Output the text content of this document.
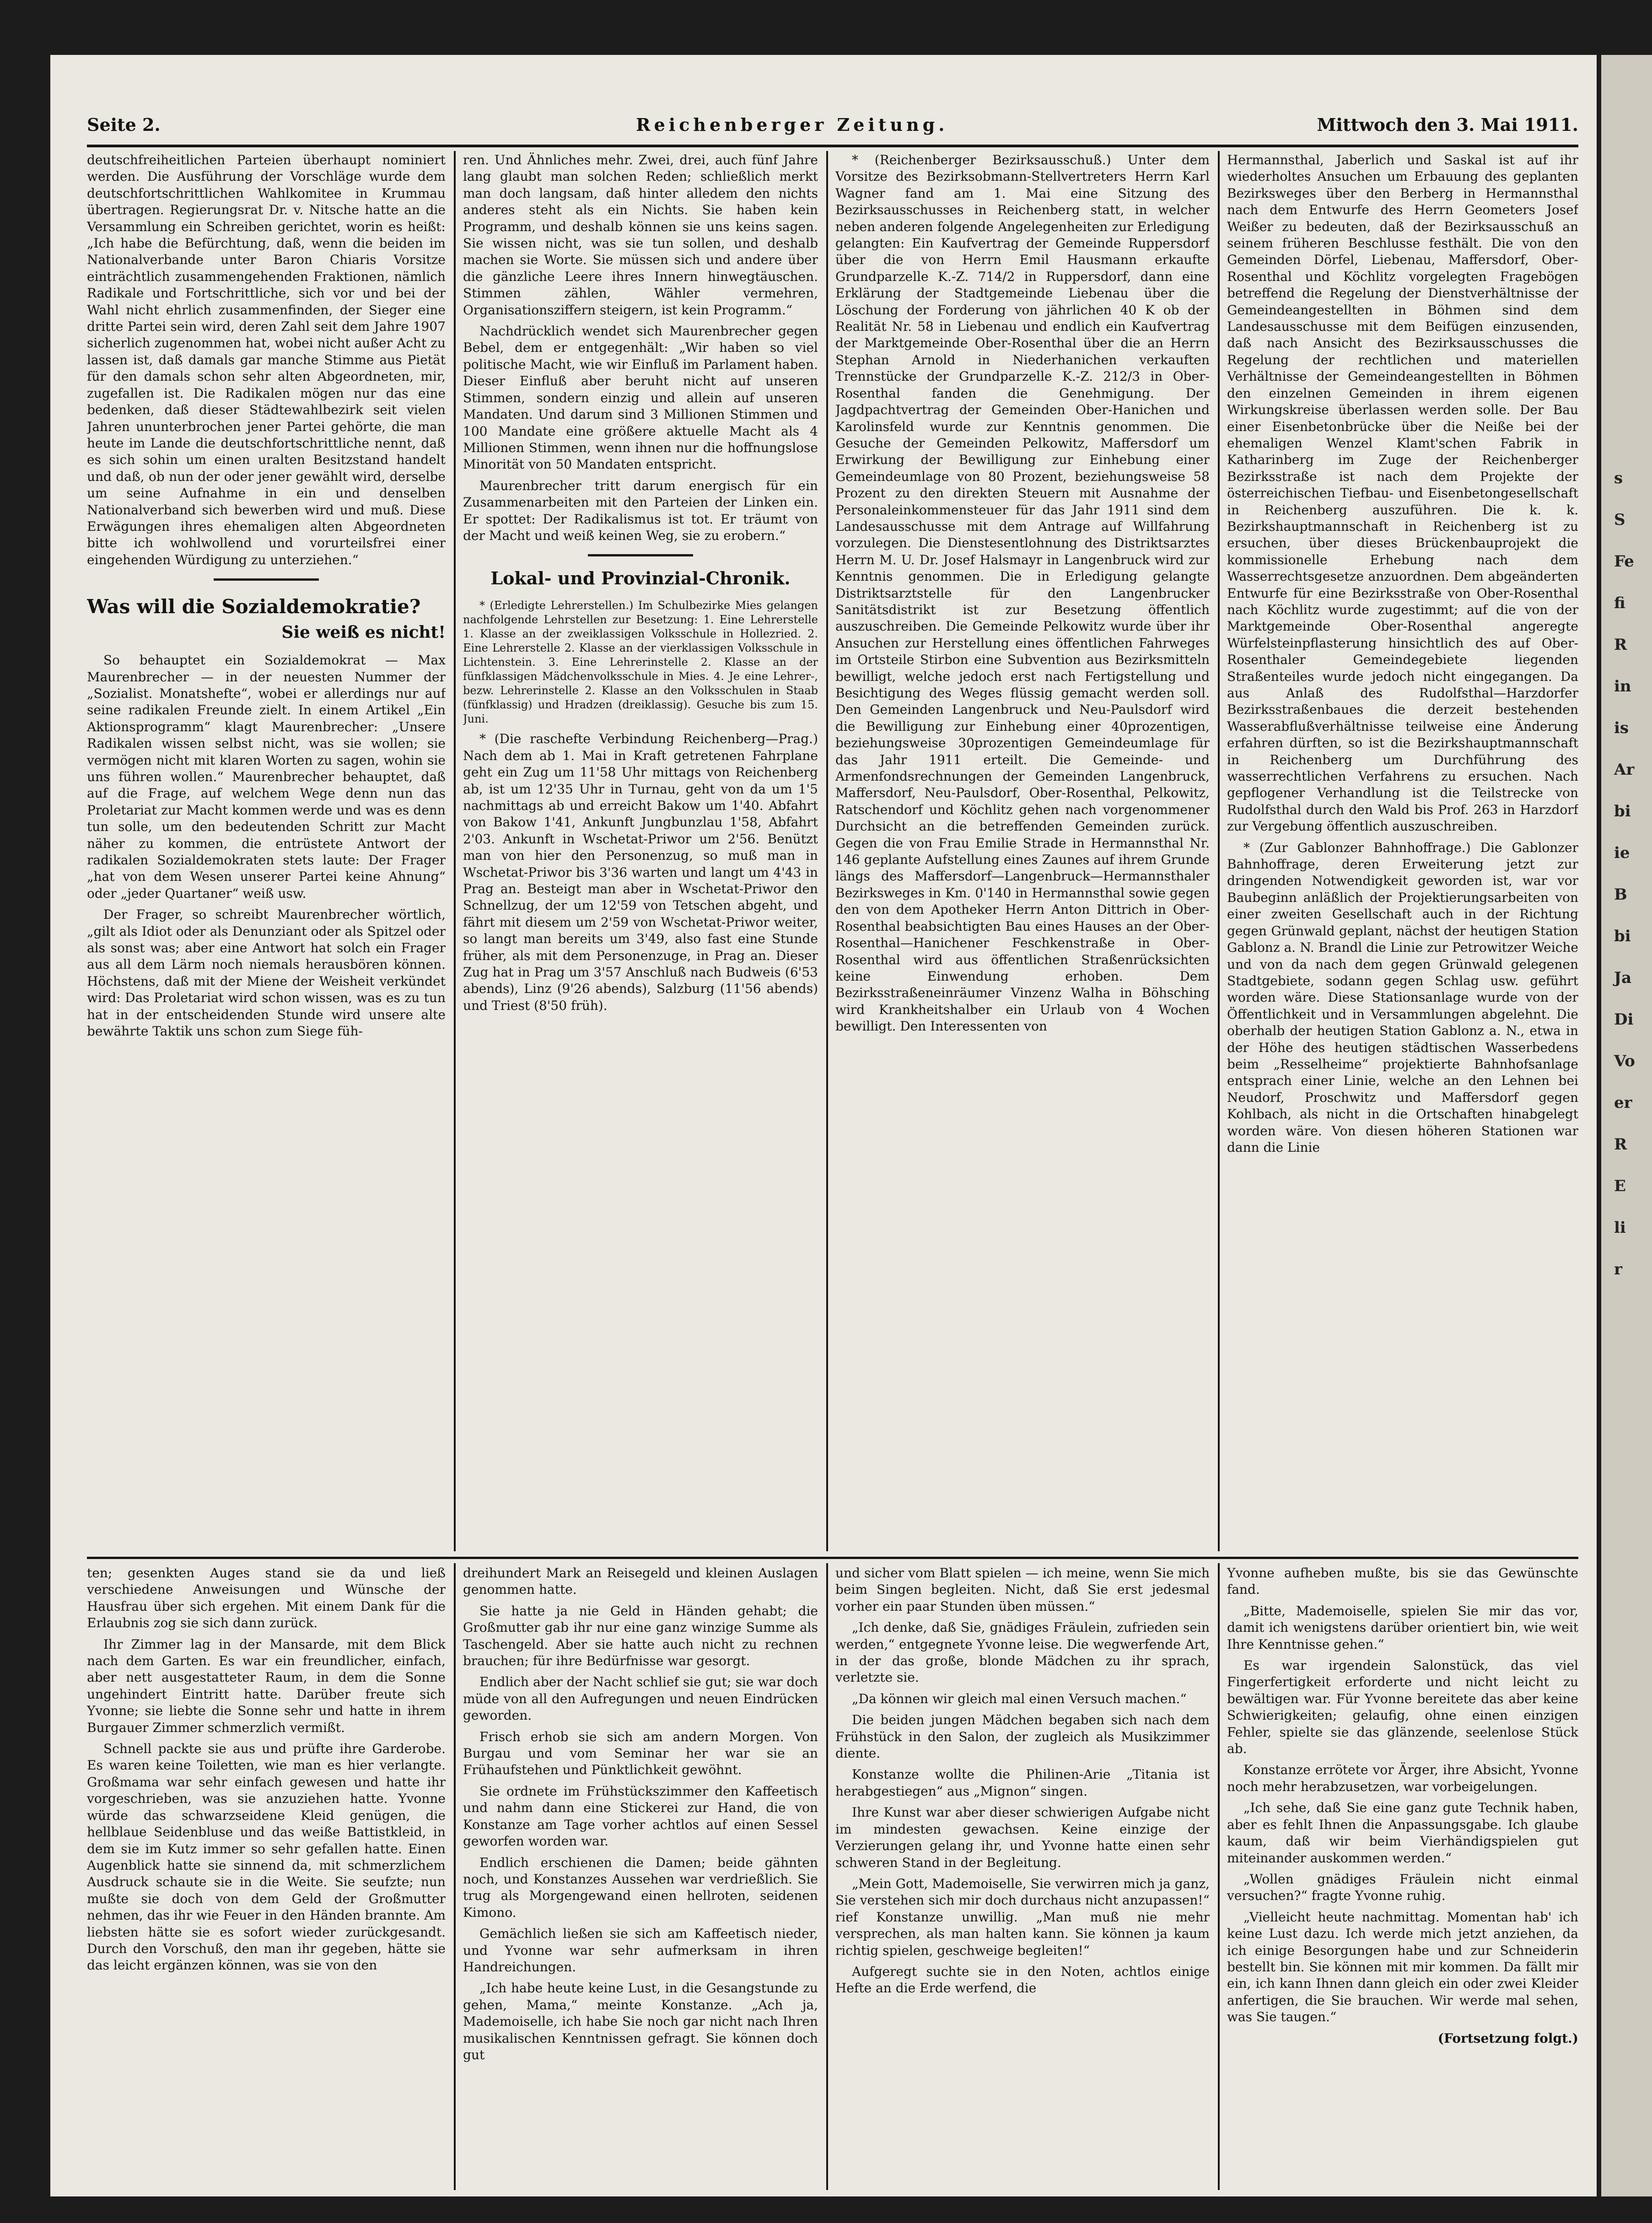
Seite 2.	Reichenberger Zeitung.	Mittwoch den 3. Mai 1911.

deutschfreiheitlichen Parteien überhaupt nominiert werden. Die Ausführung der Vorschläge wurde dem deutschfortschrittlichen Wahlkomitee in Krummau übertragen. Regierungsrat Dr. v. Nitsche hatte an die Versammlung ein Schreiben gerichtet, worin es heißt: „Ich habe die Befürchtung, daß, wenn die beiden im Nationalverbande unter Baron Chiaris Vorsitze einträchtlich zusammengehenden Fraktionen, nämlich Radikale und Fortschrittliche, sich vor und bei der Wahl nicht ehrlich zusammenfinden, der Sieger eine dritte Partei sein wird, deren Zahl seit dem Jahre 1907 sicherlich zugenommen hat, wobei nicht außer Acht zu lassen ist, daß damals gar manche Stimme aus Pietät für den damals schon sehr alten Abgeordneten, mir, zugefallen ist. Die Radikalen mögen nur das eine bedenken, daß dieser Städtewahlbezirk seit vielen Jahren ununterbrochen jener Partei gehörte, die man heute im Lande die deutschfortschrittliche nennt, daß es sich sohin um einen uralten Besitzstand handelt und daß, ob nun der oder jener gewählt wird, derselbe um seine Aufnahme in ein und denselben Nationalverband sich bewerben wird und muß. Diese Erwägungen ihres ehemaligen alten Abgeordneten bitte ich wohlwollend und vorurteilsfrei einer eingehenden Würdigung zu unterziehen.“

Was will die Sozialdemokratie?
Sie weiß es nicht!

So behauptet ein Sozialdemokrat — Max Maurenbrecher — in der neuesten Nummer der „Sozialist. Monatshefte“, wobei er allerdings nur auf seine radikalen Freunde zielt. In einem Artikel „Ein Aktionsprogramm“ klagt Maurenbrecher: „Unsere Radikalen wissen selbst nicht, was sie wollen; sie vermögen nicht mit klaren Worten zu sagen, wohin sie uns führen wollen.“ Maurenbrecher behauptet, daß auf die Frage, auf welchem Wege denn nun das Proletariat zur Macht kommen werde und was es denn tun solle, um den bedeutenden Schritt zur Macht näher zu kommen, die entrüstete Antwort der radikalen Sozialdemokraten stets laute: Der Frager „hat von dem Wesen unserer Partei keine Ahnung“ oder „jeder Quartaner“ weiß usw.

Der Frager, so schreibt Maurenbrecher wörtlich, „gilt als Idiot oder als Denunziant oder als Spitzel oder als sonst was; aber eine Antwort hat solch ein Frager aus all dem Lärm noch niemals herausbören können. Höchstens, daß mit der Miene der Weisheit verkündet wird: Das Proletariat wird schon wissen, was es zu tun hat in der entscheidenden Stunde wird unsere alte bewährte Taktik uns schon zum Siege füh-

ren. Und Ähnliches mehr. Zwei, drei, auch fünf Jahre lang glaubt man solchen Reden; schließlich merkt man doch langsam, daß hinter alledem den nichts anderes steht als ein Nichts. Sie haben kein Programm, und deshalb können sie uns keins sagen. Sie wissen nicht, was sie tun sollen, und deshalb machen sie Worte. Sie müssen sich und andere über die gänzliche Leere ihres Innern hinwegtäuschen. Stimmen zählen, Wähler vermehren, Organisationsziffern steigern, ist kein Programm.“

Nachdrücklich wendet sich Maurenbrecher gegen Bebel, dem er entgegenhält: „Wir haben so viel politische Macht, wie wir Einfluß im Parlament haben. Dieser Einfluß aber beruht nicht auf unseren Stimmen, sondern einzig und allein auf unseren Mandaten. Und darum sind 3 Millionen Stimmen und 100 Mandate eine größere aktuelle Macht als 4 Millionen Stimmen, wenn ihnen nur die hoffnungslose Minorität von 50 Mandaten entspricht.

Maurenbrecher tritt darum energisch für ein Zusammenarbeiten mit den Parteien der Linken ein. Er spottet: Der Radikalismus ist tot. Er träumt von der Macht und weiß keinen Weg, sie zu erobern.“

Lokal- und Provinzial-Chronik.

* (Erledigte Lehrerstellen.) Im Schulbezirke Mies gelangen nachfolgende Lehrstellen zur Besetzung: 1. Eine Lehrerstelle 1. Klasse an der zweiklassigen Volksschule in Hollezried. 2. Eine Lehrerstelle 2. Klasse an der vierklassigen Volksschule in Lichtenstein. 3. Eine Lehrerinstelle 2. Klasse an der fünfklassigen Mädchenvolksschule in Mies. 4. Je eine Lehrer-, bezw. Lehrerinstelle 2. Klasse an den Volksschulen in Staab (fünfklassig) und Hradzen (dreiklassig). Gesuche bis zum 15. Juni.

* (Die raschefte Verbindung Reichenberg—Prag.) Nach dem ab 1. Mai in Kraft getretenen Fahrplane geht ein Zug um 11'58 Uhr mittags von Reichenberg ab, ist um 12'35 Uhr in Turnau, geht von da um 1'5 nachmittags ab und erreicht Bakow um 1'40. Abfahrt von Bakow 1'41, Ankunft Jungbunzlau 1'58, Abfahrt 2'03. Ankunft in Wschetat-Priwor um 2'56. Benützt man von hier den Personenzug, so muß man in Wschetat-Priwor bis 3'36 warten und langt um 4'43 in Prag an. Besteigt man aber in Wschetat-Priwor den Schnellzug, der um 12'59 von Tetschen abgeht, und fährt mit diesem um 2'59 von Wschetat-Priwor weiter, so langt man bereits um 3'49, also fast eine Stunde früher, als mit dem Personenzuge, in Prag an. Dieser Zug hat in Prag um 3'57 Anschluß nach Budweis (6'53 abends), Linz (9'26 abends), Salzburg (11'56 abends) und Triest (8'50 früh).

* (Reichenberger Bezirksausschuß.) Unter dem Vorsitze des Bezirksobmann-Stellvertreters Herrn Karl Wagner fand am 1. Mai eine Sitzung des Bezirksausschusses in Reichenberg statt, in welcher neben anderen folgende Angelegenheiten zur Erledigung gelangten: Ein Kaufvertrag der Gemeinde Ruppersdorf über die von Herrn Emil Hausmann erkaufte Grundparzelle K.-Z. 714/2 in Ruppersdorf, dann eine Erklärung der Stadtgemeinde Liebenau über die Löschung der Forderung von jährlichen 40 K ob der Realität Nr. 58 in Liebenau und endlich ein Kaufvertrag der Marktgemeinde Ober-Rosenthal über die an Herrn Stephan Arnold in Niederhanichen verkauften Trennstücke der Grundparzelle K.-Z. 212/3 in Ober-Rosenthal fanden die Genehmigung. Der Jagdpachtvertrag der Gemeinden Ober-Hanichen und Karolinsfeld wurde zur Kenntnis genommen. Die Gesuche der Gemeinden Pelkowitz, Maffersdorf um Erwirkung der Bewilligung zur Einhebung einer Gemeindeumlage von 80 Prozent, beziehungsweise 58 Prozent zu den direkten Steuern mit Ausnahme der Personaleinkommensteuer für das Jahr 1911 sind dem Landesausschusse mit dem Antrage auf Willfahrung vorzulegen. Die Dienstesentlohnung des Distriktsarztes Herrn M. U. Dr. Josef Halsmayr in Langenbruck wird zur Kenntnis genommen. Die in Erledigung gelangte Distriktsarztstelle für den Langenbrucker Sanitätsdistrikt ist zur Besetzung öffentlich auszuschreiben. Die Gemeinde Pelkowitz wurde über ihr Ansuchen zur Herstellung eines öffentlichen Fahrweges im Ortsteile Stirbon eine Subvention aus Bezirksmitteln bewilligt, welche jedoch erst nach Fertigstellung und Besichtigung des Weges flüssig gemacht werden soll. Den Gemeinden Langenbruck und Neu-Paulsdorf wird die Bewilligung zur Einhebung einer 40prozentigen, beziehungsweise 30prozentigen Gemeindeumlage für das Jahr 1911 erteilt. Die Gemeinde- und Armenfondsrechnungen der Gemeinden Langenbruck, Maffersdorf, Neu-Paulsdorf, Ober-Rosenthal, Pelkowitz, Ratschendorf und Köchlitz gehen nach vorgenommener Durchsicht an die betreffenden Gemeinden zurück. Gegen die von Frau Emilie Strade in Hermannsthal Nr. 146 geplante Aufstellung eines Zaunes auf ihrem Grunde längs des Maffersdorf—Langenbruck—Hermannsthaler Bezirksweges in Km. 0'140 in Hermannsthal sowie gegen den von dem Apotheker Herrn Anton Dittrich in Ober-Rosenthal beabsichtigten Bau eines Hauses an der Ober-Rosenthal—Hanichener Feschkenstraße in Ober-Rosenthal wird aus öffentlichen Straßenrücksichten keine Einwendung erhoben. Dem Bezirksstraßeneinräumer Vinzenz Walha in Böhsching wird Krankheitshalber ein Urlaub von 4 Wochen bewilligt. Den Interessenten von

Hermannsthal, Jaberlich und Saskal ist auf ihr wiederholtes Ansuchen um Erbauung des geplanten Bezirksweges über den Berberg in Hermannsthal nach dem Entwurfe des Herrn Geometers Josef Weißer zu bedeuten, daß der Bezirksausschuß an seinem früheren Beschlusse festhält. Die von den Gemeinden Dörfel, Liebenau, Maffersdorf, Ober-Rosenthal und Köchlitz vorgelegten Fragebögen betreffend die Regelung der Dienstverhältnisse der Gemeindeangestellten in Böhmen sind dem Landesausschusse mit dem Beifügen einzusenden, daß nach Ansicht des Bezirksausschusses die Regelung der rechtlichen und materiellen Verhältnisse der Gemeindeangestellten in Böhmen den einzelnen Gemeinden in ihrem eigenen Wirkungskreise überlassen werden solle. Der Bau einer Eisenbetonbrücke über die Neiße bei der ehemaligen Wenzel Klamt'schen Fabrik in Katharinberg im Zuge der Reichenberger Bezirksstraße ist nach dem Projekte der österreichischen Tiefbau- und Eisenbetongesellschaft in Reichenberg auszuführen. Die k. k. Bezirkshauptmannschaft in Reichenberg ist zu ersuchen, über dieses Brückenbauprojekt die kommissionelle Erhebung nach dem Wasserrechtsgesetze anzuordnen. Dem abgeänderten Entwurfe für eine Bezirksstraße von Ober-Rosenthal nach Köchlitz wurde zugestimmt; auf die von der Marktgemeinde Ober-Rosenthal angeregte Würfelsteinpflasterung hinsichtlich des auf Ober-Rosenthaler Gemeindegebiete liegenden Straßenteiles wurde jedoch nicht eingegangen. Da aus Anlaß des Rudolfsthal—Harzdorfer Bezirksstraßenbaues die derzeit bestehenden Wasserabflußverhältnisse teilweise eine Änderung erfahren dürften, so ist die Bezirkshauptmannschaft in Reichenberg um Durchführung des wasserrechtlichen Verfahrens zu ersuchen. Nach gepflogener Verhandlung ist die Teilstrecke von Rudolfsthal durch den Wald bis Prof. 263 in Harzdorf zur Vergebung öffentlich auszuschreiben.

* (Zur Gablonzer Bahnhoffrage.) Die Gablonzer Bahnhoffrage, deren Erweiterung jetzt zur dringenden Notwendigkeit geworden ist, war vor Baubeginn anläßlich der Projektierungsarbeiten von einer zweiten Gesellschaft auch in der Richtung gegen Grünwald geplant, nächst der heutigen Station Gablonz a. N. Brandl die Linie zur Petrowitzer Weiche und von da nach dem gegen Grünwald gelegenen Stadtgebiete, sodann gegen Schlag usw. geführt worden wäre. Diese Stationsanlage wurde von der Öffentlichkeit und in Versammlungen abgelehnt. Die oberhalb der heutigen Station Gablonz a. N., etwa in der Höhe des heutigen städtischen Wasserbedens beim „Resselheime“ projektierte Bahnhofsanlage entsprach einer Linie, welche an den Lehnen bei Neudorf, Proschwitz und Maffersdorf gegen Kohlbach, als nicht in die Ortschaften hinabgelegt worden wäre. Von diesen höheren Stationen war dann die Linie

ten; gesenkten Auges stand sie da und ließ verschiedene Anweisungen und Wünsche der Hausfrau über sich ergehen. Mit einem Dank für die Erlaubnis zog sie sich dann zurück.

Ihr Zimmer lag in der Mansarde, mit dem Blick nach dem Garten. Es war ein freundlicher, einfach, aber nett ausgestatteter Raum, in dem die Sonne ungehindert Eintritt hatte. Darüber freute sich Yvonne; sie liebte die Sonne sehr und hatte in ihrem Burgauer Zimmer schmerzlich vermißt.

Schnell packte sie aus und prüfte ihre Garderobe. Es waren keine Toiletten, wie man es hier verlangte. Großmama war sehr einfach gewesen und hatte ihr vorgeschrieben, was sie anzuziehen hatte. Yvonne würde das schwarzseidene Kleid genügen, die hellblaue Seidenbluse und das weiße Battistkleid, in dem sie im Kutz immer so sehr gefallen hatte. Einen Augenblick hatte sie sinnend da, mit schmerzlichem Ausdruck schaute sie in die Weite. Sie seufzte; nun mußte sie doch von dem Geld der Großmutter nehmen, das ihr wie Feuer in den Händen brannte. Am liebsten hätte sie es sofort wieder zurückgesandt. Durch den Vorschuß, den man ihr gegeben, hätte sie das leicht ergänzen können, was sie von den

dreihundert Mark an Reisegeld und kleinen Auslagen genommen hatte.

Sie hatte ja nie Geld in Händen gehabt; die Großmutter gab ihr nur eine ganz winzige Summe als Taschengeld. Aber sie hatte auch nicht zu rechnen brauchen; für ihre Bedürfnisse war gesorgt.

Endlich aber der Nacht schlief sie gut; sie war doch müde von all den Aufregungen und neuen Eindrücken geworden.

Frisch erhob sie sich am andern Morgen. Von Burgau und vom Seminar her war sie an Frühaufstehen und Pünktlichkeit gewöhnt.

Sie ordnete im Frühstückszimmer den Kaffeetisch und nahm dann eine Stickerei zur Hand, die von Konstanze am Tage vorher achtlos auf einen Sessel geworfen worden war.

Endlich erschienen die Damen; beide gähnten noch, und Konstanzes Aussehen war verdrießlich. Sie trug als Morgengewand einen hellroten, seidenen Kimono.

Gemächlich ließen sie sich am Kaffeetisch nieder, und Yvonne war sehr aufmerksam in ihren Handreichungen.

„Ich habe heute keine Lust, in die Gesangstunde zu gehen, Mama,“ meinte Konstanze. „Ach ja, Mademoiselle, ich habe Sie noch gar nicht nach Ihren musikalischen Kenntnissen gefragt. Sie können doch gut

und sicher vom Blatt spielen — ich meine, wenn Sie mich beim Singen begleiten. Nicht, daß Sie erst jedesmal vorher ein paar Stunden üben müssen.“

„Ich denke, daß Sie, gnädiges Fräulein, zufrieden sein werden,“ entgegnete Yvonne leise. Die wegwerfende Art, in der das große, blonde Mädchen zu ihr sprach, verletzte sie.

„Da können wir gleich mal einen Versuch machen.“

Die beiden jungen Mädchen begaben sich nach dem Frühstück in den Salon, der zugleich als Musikzimmer diente.

Konstanze wollte die Philinen-Arie „Titania ist herabgestiegen“ aus „Mignon“ singen.

Ihre Kunst war aber dieser schwierigen Aufgabe nicht im mindesten gewachsen. Keine einzige der Verzierungen gelang ihr, und Yvonne hatte einen sehr schweren Stand in der Begleitung.

„Mein Gott, Mademoiselle, Sie verwirren mich ja ganz, Sie verstehen sich mir doch durchaus nicht anzupassen!“ rief Konstanze unwillig. „Man muß nie mehr versprechen, als man halten kann. Sie können ja kaum richtig spielen, geschweige begleiten!“

Aufgeregt suchte sie in den Noten, achtlos einige Hefte an die Erde werfend, die

Yvonne aufheben mußte, bis sie das Gewünschte fand.

„Bitte, Mademoiselle, spielen Sie mir das vor, damit ich wenigstens darüber orientiert bin, wie weit Ihre Kenntnisse gehen.“

Es war irgendein Salonstück, das viel Fingerfertigkeit erforderte und nicht leicht zu bewältigen war. Für Yvonne bereitete das aber keine Schwierigkeiten; gelaufig, ohne einen einzigen Fehler, spielte sie das glänzende, seelenlose Stück ab.

Konstanze errötete vor Ärger, ihre Absicht, Yvonne noch mehr herabzusetzen, war vorbeigelungen.

„Ich sehe, daß Sie eine ganz gute Technik haben, aber es fehlt Ihnen die Anpassungsgabe. Ich glaube kaum, daß wir beim Vierhändigspielen gut miteinander auskommen werden.“

„Wollen gnädiges Fräulein nicht einmal versuchen?“ fragte Yvonne ruhig.

„Vielleicht heute nachmittag. Momentan hab' ich keine Lust dazu. Ich werde mich jetzt anziehen, da ich einige Besorgungen habe und zur Schneiderin bestellt bin. Sie können mit mir kommen. Da fällt mir ein, ich kann Ihnen dann gleich ein oder zwei Kleider anfertigen, die Sie brauchen. Wir werde mal sehen, was Sie taugen.“

(Fortsetzung folgt.)

s
S
Fe
fi
R
in
is
Ar
bi
ie
B
bi
Ja
Di
Vo
er
R
E
li
r
